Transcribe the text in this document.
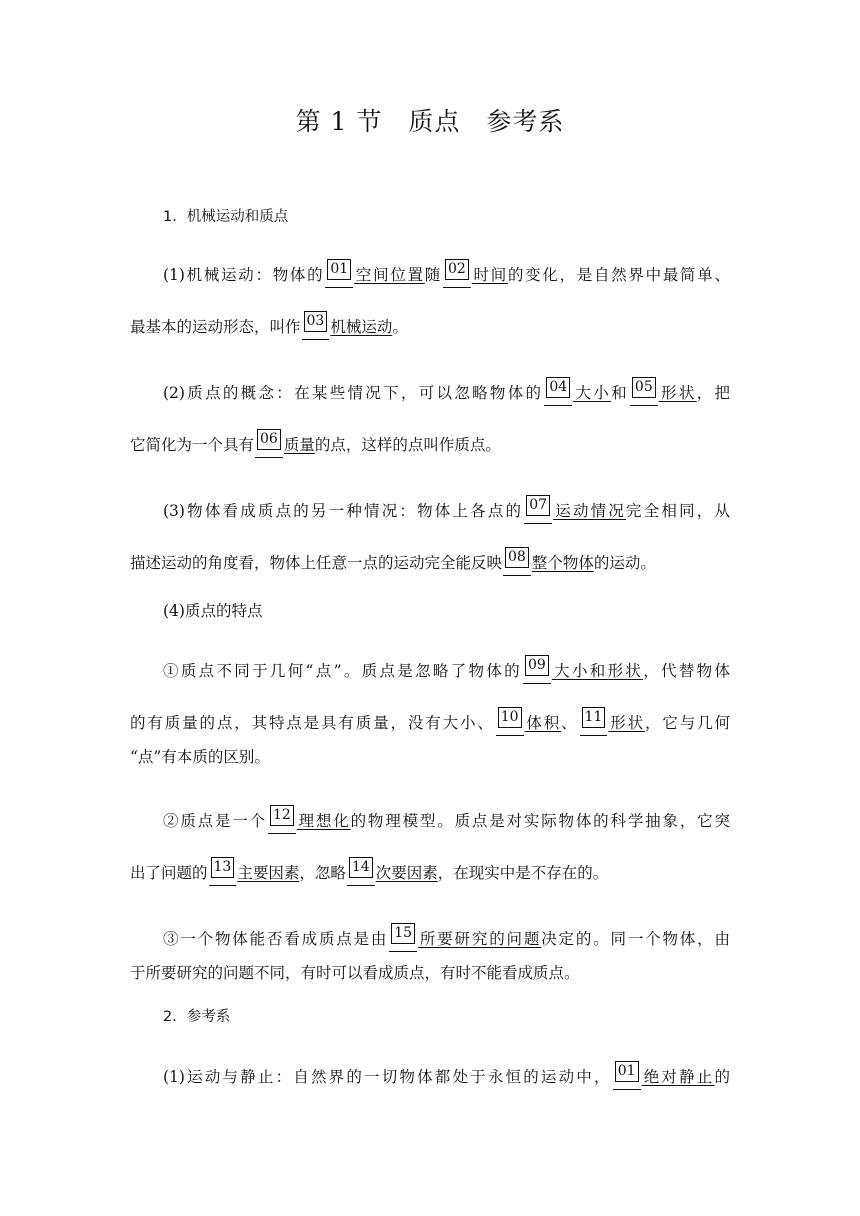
第 1 节　质点　参考系
1．机械运动和质点
(1)机械运动：物体的 01 空间位置随 02 时间的变化，是自然界中最简单、
最基本的运动形态，叫作 03 机械运动。
(2)质点的概念：在某些情况下，可以忽略物体的 04 大小和 05 形状，把
它简化为一个具有 06 质量的点，这样的点叫作质点。
(3)物体看成质点的另一种情况：物体上各点的 07 运动情况完全相同，从
描述运动的角度看，物体上任意一点的运动完全能反映 08 整个物体的运动。
(4)质点的特点
①质点不同于几何“点”。质点是忽略了物体的 09 大小和形状，代替物体
的有质量的点，其特点是具有质量，没有大小、 10 体积、 11 形状，它与几何
“点”有本质的区别。
②质点是一个 12 理想化的物理模型。质点是对实际物体的科学抽象，它突
出了问题的 13 主要因素，忽略 14 次要因素，在现实中是不存在的。
③一个物体能否看成质点是由 15 所要研究的问题决定的。同一个物体，由
于所要研究的问题不同，有时可以看成质点，有时不能看成质点。
2．参考系
(1)运动与静止：自然界的一切物体都处于永恒的运动中， 01 绝对静止的
